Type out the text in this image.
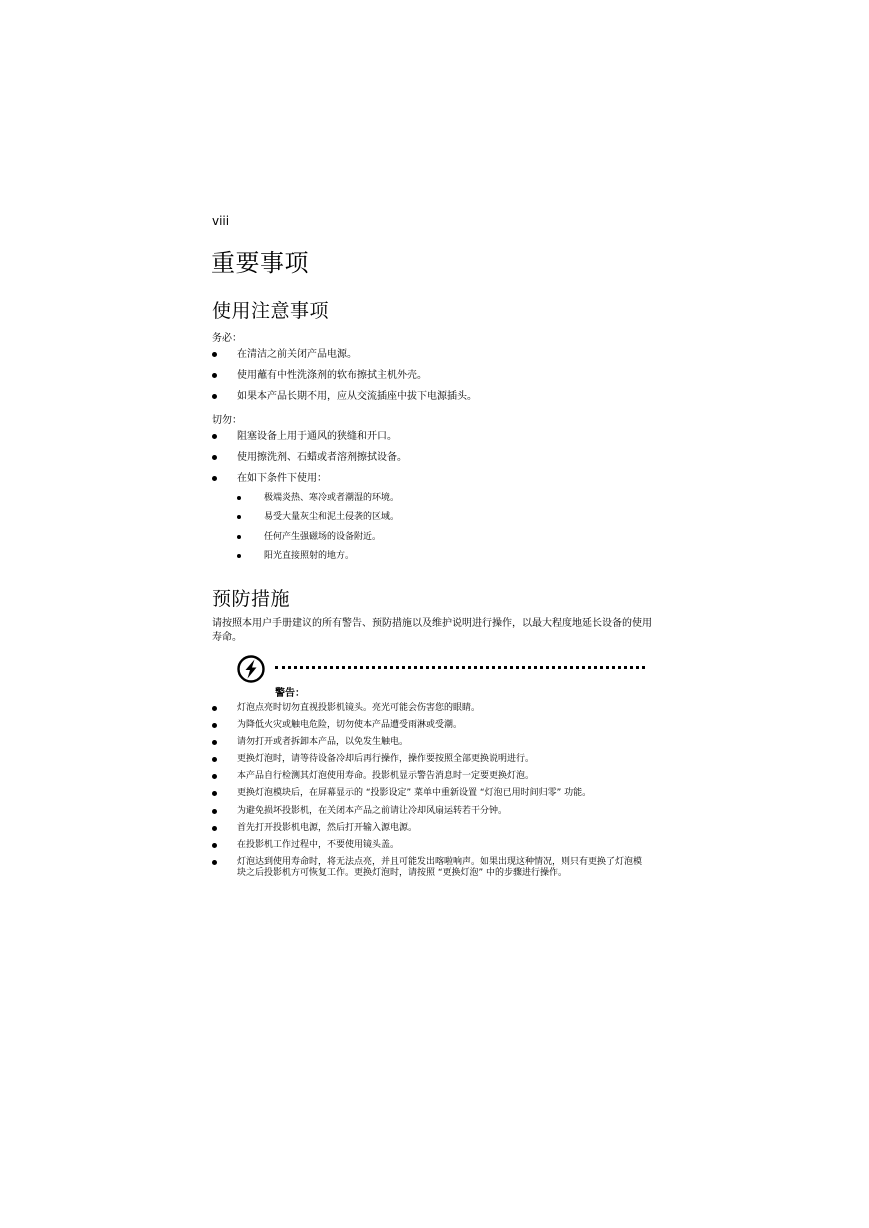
viii
重要事项
使用注意事项
务必：
在清洁之前关闭产品电源。
使用蘸有中性洗涤剂的软布擦拭主机外壳。
如果本产品长期不用，应从交流插座中拔下电源插头。
切勿：
阻塞设备上用于通风的狭缝和开口。
使用擦洗剂、石蜡或者溶剂擦拭设备。
在如下条件下使用：
极端炎热、寒冷或者潮湿的环境。
易受大量灰尘和泥土侵袭的区域。
任何产生强磁场的设备附近。
阳光直接照射的地方。
预防措施

请按照本用户手册建议的所有警告、预防措施以及维护说明进行操作，以最大程度地延长设备的使用寿命。

警告：
灯泡点亮时切勿直视投影机镜头。亮光可能会伤害您的眼睛。
为降低火灾或触电危险，切勿使本产品遭受雨淋或受潮。
请勿打开或者拆卸本产品，以免发生触电。
更换灯泡时，请等待设备冷却后再行操作，操作要按照全部更换说明进行。
本产品自行检测其灯泡使用寿命。投影机显示警告消息时一定要更换灯泡。
更换灯泡模块后，在屏幕显示的 “投影设定” 菜单中重新设置 “灯泡已用时间归零” 功能。
为避免损坏投影机，在关闭本产品之前请让冷却风扇运转若干分钟。
首先打开投影机电源，然后打开输入源电源。
在投影机工作过程中，不要使用镜头盖。
灯泡达到使用寿命时，将无法点亮，并且可能发出喀啦响声。如果出现这种情况，则只有更换了灯泡模块之后投影机方可恢复工作。更换灯泡时，请按照 “更换灯泡” 中的步骤进行操作。
